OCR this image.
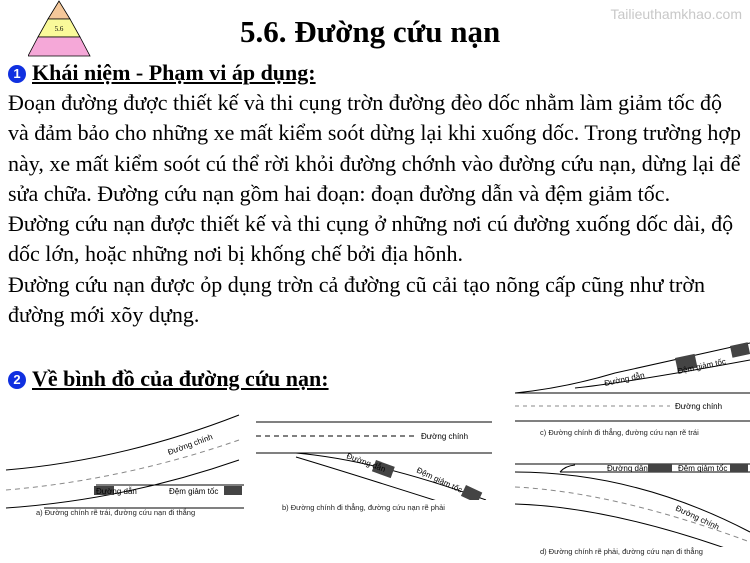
5.6
Tailieuthamkhao.com
5.6. Đường cứu nạn
1 Khái niệm - Phạm vi áp dụng:

Đoạn đường được thiết kế và thi cụng trờn đường đèo dốc nhằm làm giảm tốc độ và đảm bảo cho những xe mất kiểm soót dừng lại khi xuống dốc. Trong trường hợp này, xe mất kiểm soót cú thể rời khỏi đường chớnh vào đường cứu nạn, dừng lại để sửa chữa. Đường cứu nạn gồm hai đoạn: đoạn đường dẫn và đệm giảm tốc.

Đường cứu nạn được thiết kế và thi cụng ở những nơi cú đường xuống dốc dài, độ dốc lớn, hoặc những nơi bị khống chế bởi địa hõnh.

Đường cứu nạn được ỏp dụng trờn cả đường cũ cải tạo nõng cấp cũng như trờn đường mới xõy dựng.

2 Về bình đồ của đường cứu nạn:
Đường dẫn	Đệm giảm tốc
Đường chính
a) Đường chính rẽ trái, đường cứu nạn đi thẳng
Đường chính
Đường dẫn
Đệm giảm tốc
b) Đường chính đi thẳng, đường cứu nạn rẽ phải
Đường dẫn
Đệm giảm tốc
Đường chính
c) Đường chính đi thẳng, đường cứu nạn rẽ trái
Đường dẫn	Đệm giảm tốc
Đường chính
d) Đường chính rẽ phải, đường cứu nạn đi thẳng
